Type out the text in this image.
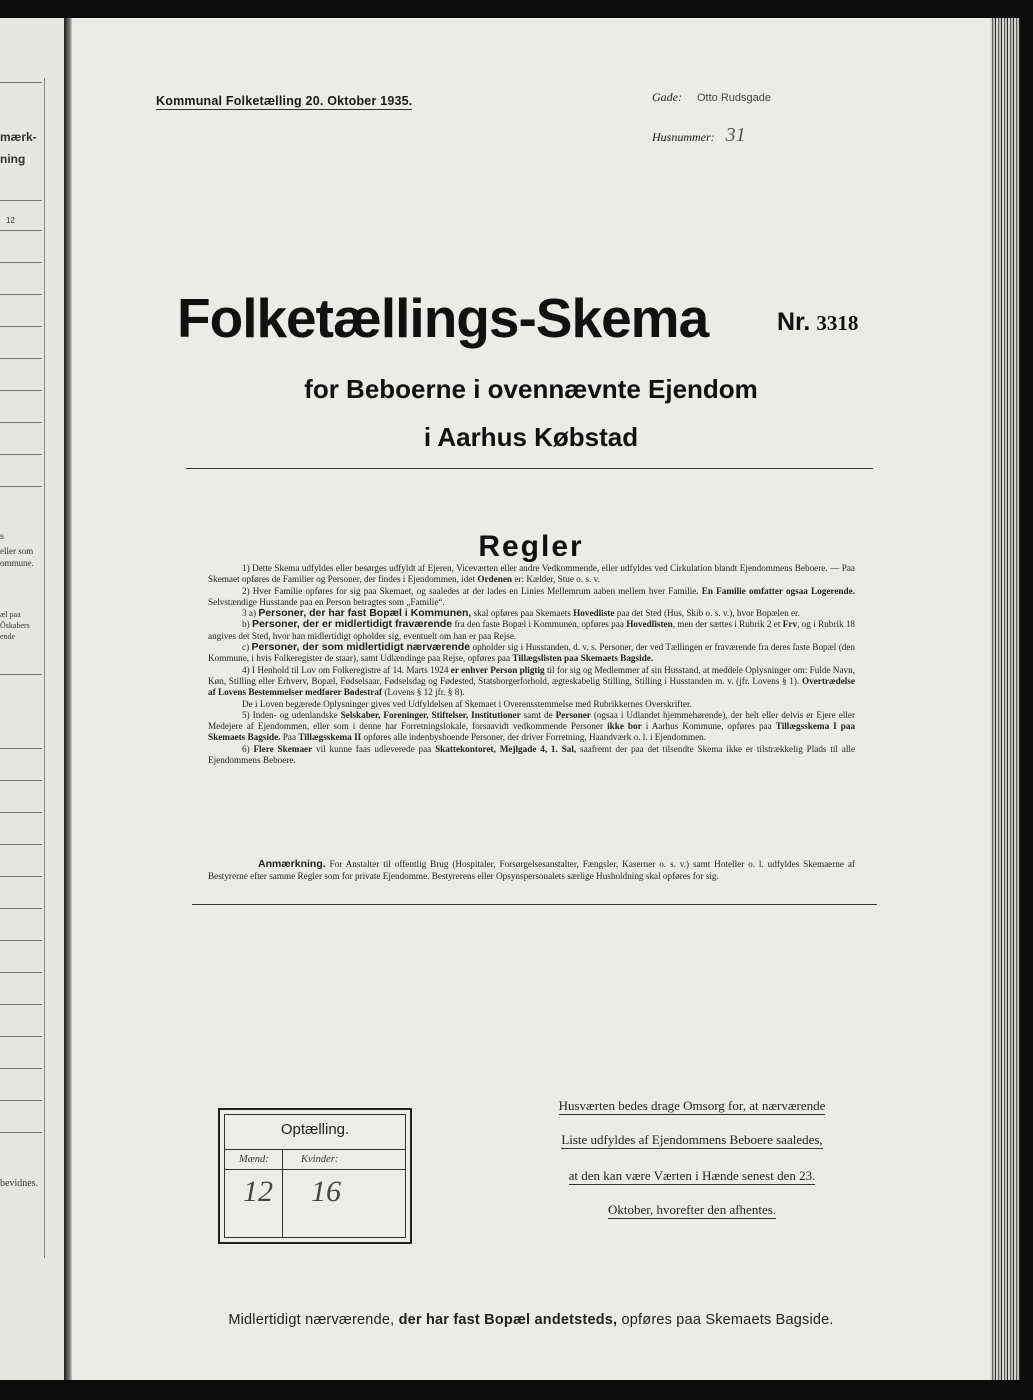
mærk-
ning
12
s
eller som
ommune.
æl paa
Ōskabers
ende
bevidnes.
Kommunal Folketælling 20. Oktober 1935.	Gade: Otto Rudsgade
Husnummer: 31
Folketællings-Skema	Nr. 3318
for Beboerne i ovennævnte Ejendom
i Aarhus Købstad
Regler

1) Dette Skema udfyldes eller besørges udfyldt af Ejeren, Viceværten eller andre Vedkommende, eller udfyldes ved Cirkulation blandt Ejendommens Beboere. — Paa Skemaet opføres de Familier og Personer, der findes i Ejendommen, idet Ordenen er: Kælder, Stue o. s. v.

2) Hver Familie opføres for sig paa Skemaet, og saaledes at der lades en Linies Mellemrum aaben mellem hver Familie. En Familie omfatter ogsaa Logerende. Selvstændige Husstande paa en Person betragtes som „Familie“.

3 a) Personer, der har fast Bopæl i Kommunen, skal opføres paa Skemaets Hovedliste paa det Sted (Hus, Skib o. s. v.), hvor Bopælen er.

b) Personer, der er midlertidigt fraværende fra den faste Bopæl i Kommunen, opføres paa Hovedlisten, men der sættes i Rubrik 2 et Frv, og i Rubrik 18 angives det Sted, hvor han midlertidigt opholder sig, eventuelt om han er paa Rejse.

c) Personer, der som midlertidigt nærværende opholder sig i Husstanden, d. v. s. Personer, der ved Tællingen er fraværende fra deres faste Bopæl (den Kommune, i hvis Folkeregister de staar), samt Udlændinge paa Rejse, opføres paa Tillægslisten paa Skemaets Bagside.

4) I Henhold til Lov om Folkeregistre af 14. Marts 1924 er enhver Person pligtig til for sig og Medlemmer af sin Husstand, at meddele Oplysninger om: Fulde Navn, Køn, Stilling eller Erhverv, Bopæl, Fødselsaar, Fødselsdag og Fødested, Statsborgerforhold, ægteskabelig Stilling, Stilling i Husstanden m. v. (jfr. Lovens § 1). Overtrædelse af Lovens Bestemmelser medfører Bødestraf (Lovens § 12 jfr. § 8).

De i Loven begærede Oplysninger gives ved Udfyldelsen af Skemaet i Overensstemmelse med Rubrikkernes Overskrifter.

5) Inden- og udenlandske Selskaber, Foreninger, Stiftelser, Institutioner samt de Personer (ogsaa i Udlandet hjemmehørende), der helt eller delvis er Ejere eller Medejere af Ejendommen, eller som i denne har Forretningslokale, forsaavidt vedkommende Personer ikke bor i Aarhus Kommune, opføres paa Tillægsskema I paa Skemaets Bagside. Paa Tillægsskema II opføres alle indenbysboende Personer, der driver Forretning, Haandværk o. l. i Ejendommen.

6) Flere Skemaer vil kunne faas udleverede paa Skattekontoret, Mejlgade 4, 1. Sal, saafremt der paa det tilsendte Skema ikke er tilstrækkelig Plads til alle Ejendommens Beboere.

Anmærkning. For Anstalter til offentlig Brug (Hospitaler, Forsørgelsesanstalter, Fængsler, Kaserner o. s. v.) samt Hoteller o. l. udfyldes Skemaerne af Bestyrerne efter samme Regler som for private Ejendomme. Bestyrerens eller Opsynspersonalets særlige Husholdning skal opføres for sig.

Optælling.
Mænd:	Kvinder:
12 16
Husværten bedes drage Omsorg for, at nærværende
Liste udfyldes af Ejendommens Beboere saaledes,
at den kan være Værten i Hænde senest den 23.
Oktober, hvorefter den afhentes.
Midlertidigt nærværende, der har fast Bopæl andetsteds, opføres paa Skemaets Bagside.
